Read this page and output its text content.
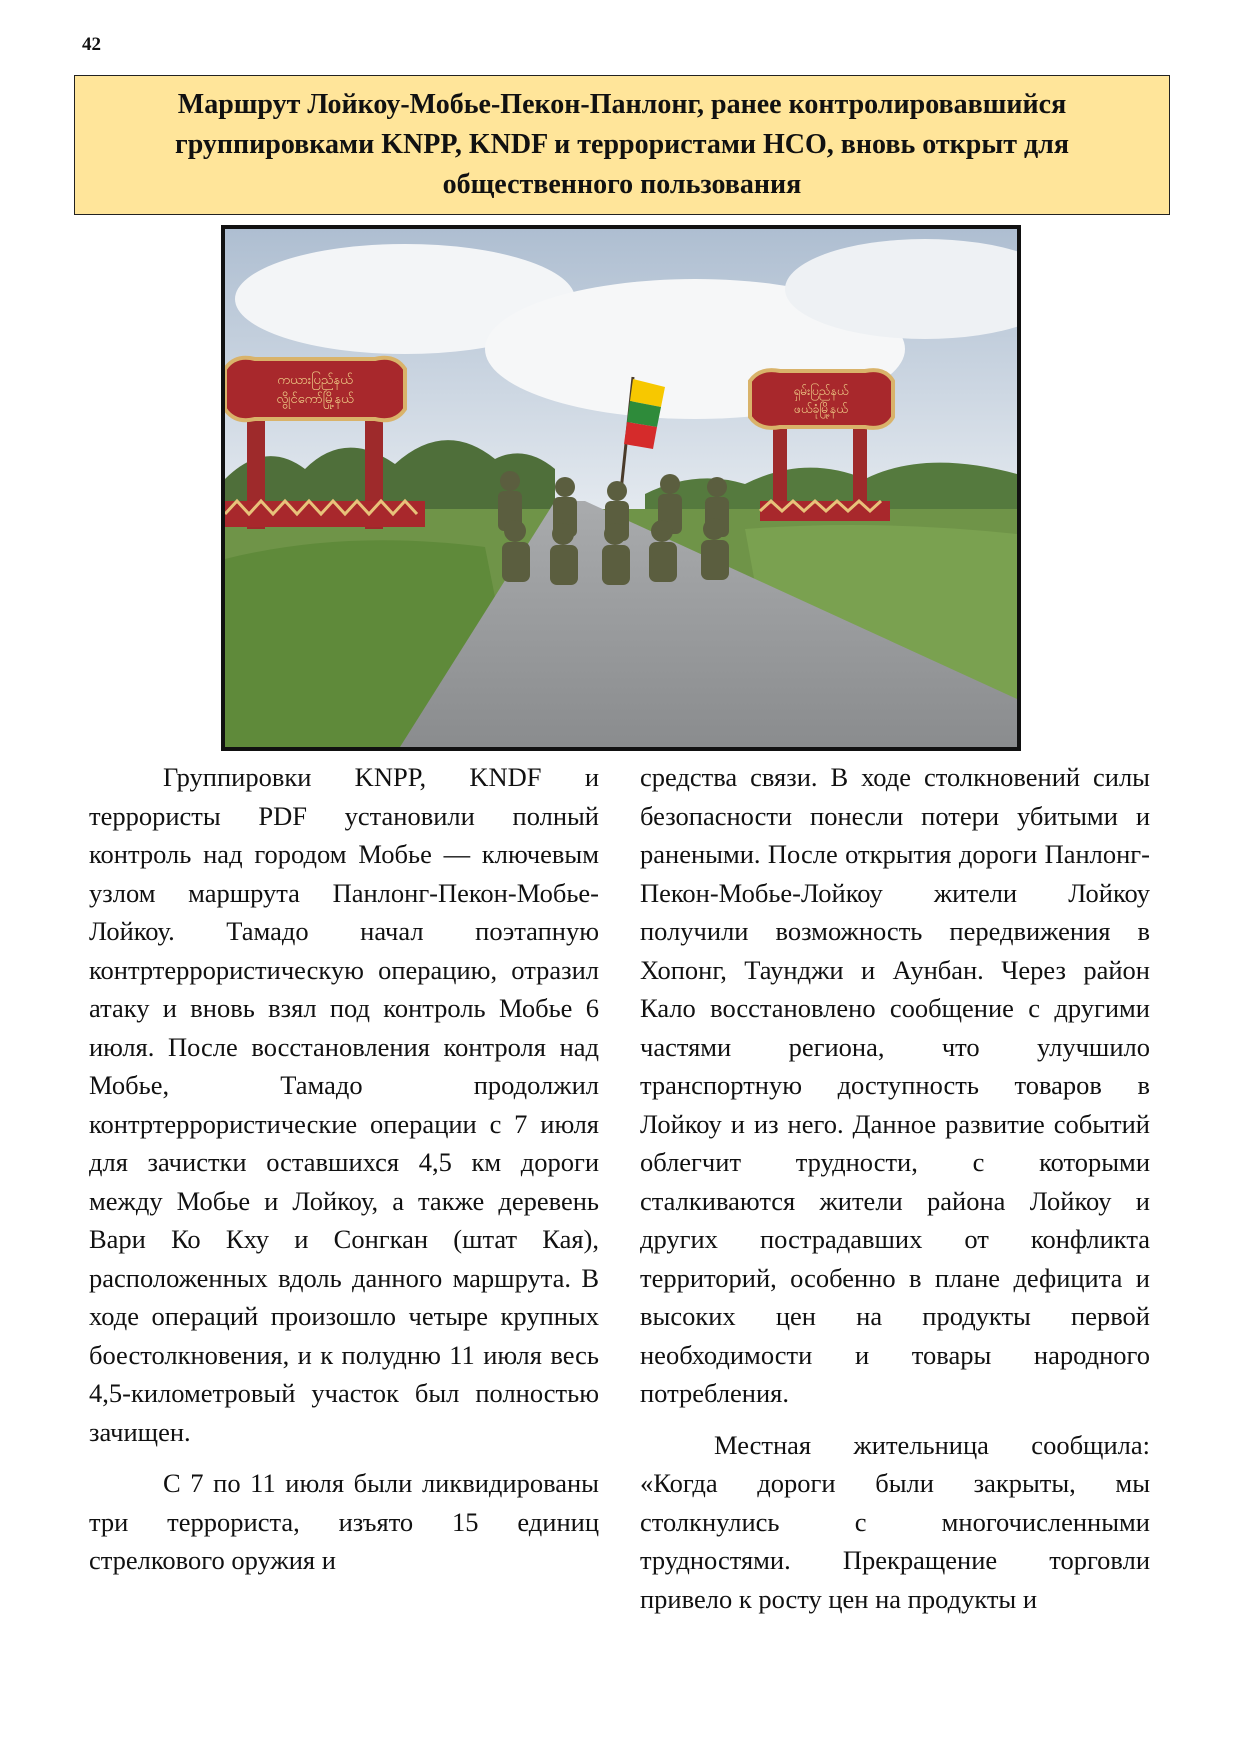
42
Маршрут Лойкоу-Мобье-Пекон-Панлонг, ранее контролировавшийся
группировками KNPP, KNDF и террористами НСО, вновь открыт для
общественного пользования
ကယားပြည်နယ်
လွိုင်ကော်မြို့နယ်
ရှမ်းပြည်နယ်
ဖယ်ခုံမြို့နယ်

Группировки KNPP, KNDF и террористы PDF установили полный контроль над городом Мобье — ключевым узлом маршрута Панлонг-Пекон-Мобье-Лойкоу. Тамадо начал поэтапную контртеррористическую операцию, отразил атаку и вновь взял под контроль Мобье 6 июля. После восстановления контроля над Мобье, Тамадо продолжил контртеррористические операции с 7 июля для зачистки оставшихся 4,5 км дороги между Мобье и Лойкоу, а также деревень Вари Ко Кху и Сонгкан (штат Кая), расположенных вдоль данного маршрута. В ходе операций произошло четыре крупных боестолкновения, и к полудню 11 июля весь 4,5-километровый участок был полностью зачищен.

С 7 по 11 июля были ликвидированы три террориста, изъято 15 единиц стрелкового оружия и

средства связи. В ходе столкновений силы безопасности понесли потери убитыми и ранеными. После открытия дороги Панлонг-Пекон-Мобье-Лойкоу жители Лойкоу получили возможность передвижения в Хопонг, Таунджи и Аунбан. Через район Кало восстановлено сообщение с другими частями региона, что улучшило транспортную доступность товаров в Лойкоу и из него. Данное развитие событий облегчит трудности, с которыми сталкиваются жители района Лойкоу и других пострадавших от конфликта территорий, особенно в плане дефицита и высоких цен на продукты первой необходимости и товары народного потребления.

Местная жительница сообщила: «Когда дороги были закрыты, мы столкнулись с многочисленными трудностями. Прекращение торговли привело к росту цен на продукты и
